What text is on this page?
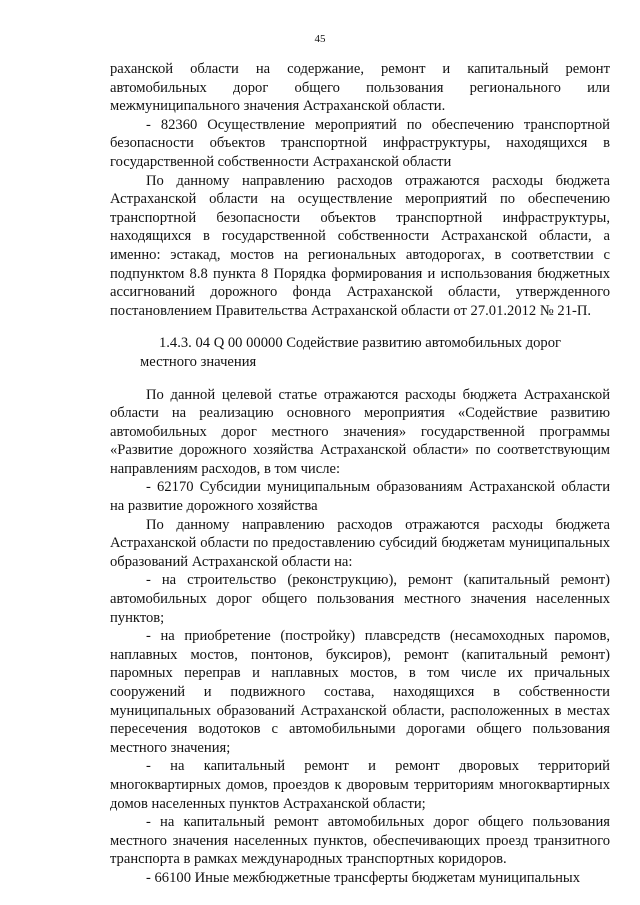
45

раханской области на содержание, ремонт и капитальный ремонт автомобильных дорог общего пользования регионального или межмуниципального значения Астраханской области.

- 82360 Осуществление мероприятий по обеспечению транспортной безопасности объектов транспортной инфраструктуры, находящихся в государственной собственности Астраханской области

По данному направлению расходов отражаются расходы бюджета Астраханской области на осуществление мероприятий по обеспечению транспортной безопасности объектов транспортной инфраструктуры, находящихся в государственной собственности Астраханской области, а именно: эстакад, мостов на региональных автодорогах, в соответствии с подпунктом 8.8 пункта 8 Порядка формирования и использования бюджетных ассигнований дорожного фонда Астраханской области, утвержденного постановлением Правительства Астраханской области от 27.01.2012 № 21-П.

1.4.3. 04 Q 00 00000 Содействие развитию автомобильных дорог местного значения

По данной целевой статье отражаются расходы бюджета Астраханской области на реализацию основного мероприятия «Содействие развитию автомобильных дорог местного значения» государственной программы «Развитие дорожного хозяйства Астраханской области» по соответствующим направлениям расходов, в том числе:

- 62170 Субсидии муниципальным образованиям Астраханской области на развитие дорожного хозяйства

По данному направлению расходов отражаются расходы бюджета Астраханской области по предоставлению субсидий бюджетам муниципальных образований Астраханской области на:

- на строительство (реконструкцию), ремонт (капитальный ремонт) автомобильных дорог общего пользования местного значения населенных пунктов;

- на приобретение (постройку) плавсредств (несамоходных паромов, наплавных мостов, понтонов, буксиров), ремонт (капитальный ремонт) паромных переправ и наплавных мостов, в том числе их причальных сооружений и подвижного состава, находящихся в собственности муниципальных образований Астраханской области, расположенных в местах пересечения водотоков с автомобильными дорогами общего пользования местного значения;

- на капитальный ремонт и ремонт дворовых территорий многоквартирных домов, проездов к дворовым территориям многоквартирных домов населенных пунктов Астраханской области;

- на капитальный ремонт автомобильных дорог общего пользования местного значения населенных пунктов, обеспечивающих проезд транзитного транспорта в рамках международных транспортных коридоров.

- 66100 Иные межбюджетные трансферты бюджетам муниципальных
